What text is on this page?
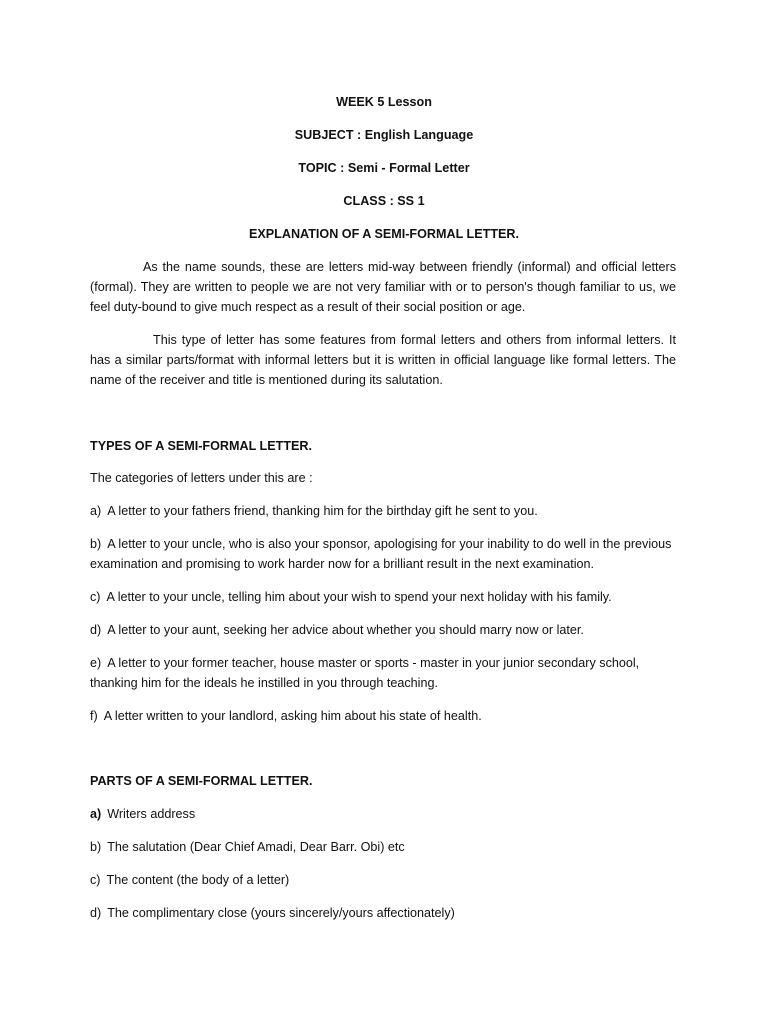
WEEK 5 Lesson

SUBJECT : English Language

TOPIC : Semi - Formal Letter

CLASS : SS 1

EXPLANATION OF A SEMI-FORMAL LETTER.

As the name sounds, these are letters mid-way between friendly (informal) and official letters (formal). They are written to people we are not very familiar with or to person's though familiar to us, we feel duty-bound to give much respect as a result of their social position or age.

This type of letter has some features from formal letters and others from informal letters. It has a similar parts/format with informal letters but it is written in official language like formal letters. The name of the receiver and title is mentioned during its salutation.

TYPES OF A SEMI-FORMAL LETTER.

The categories of letters under this are :

a) A letter to your fathers friend, thanking him for the birthday gift he sent to you.

b) A letter to your uncle, who is also your sponsor, apologising for your inability to do well in the previous examination and promising to work harder now for a brilliant result in the next examination.

c) A letter to your uncle, telling him about your wish to spend your next holiday with his family.

d) A letter to your aunt, seeking her advice about whether you should marry now or later.

e) A letter to your former teacher, house master or sports - master in your junior secondary school, thanking him for the ideals he instilled in you through teaching.

f) A letter written to your landlord, asking him about his state of health.

PARTS OF A SEMI-FORMAL LETTER.

a) Writers address

b) The salutation (Dear Chief Amadi, Dear Barr. Obi) etc

c) The content (the body of a letter)

d) The complimentary close (yours sincerely/yours affectionately)
